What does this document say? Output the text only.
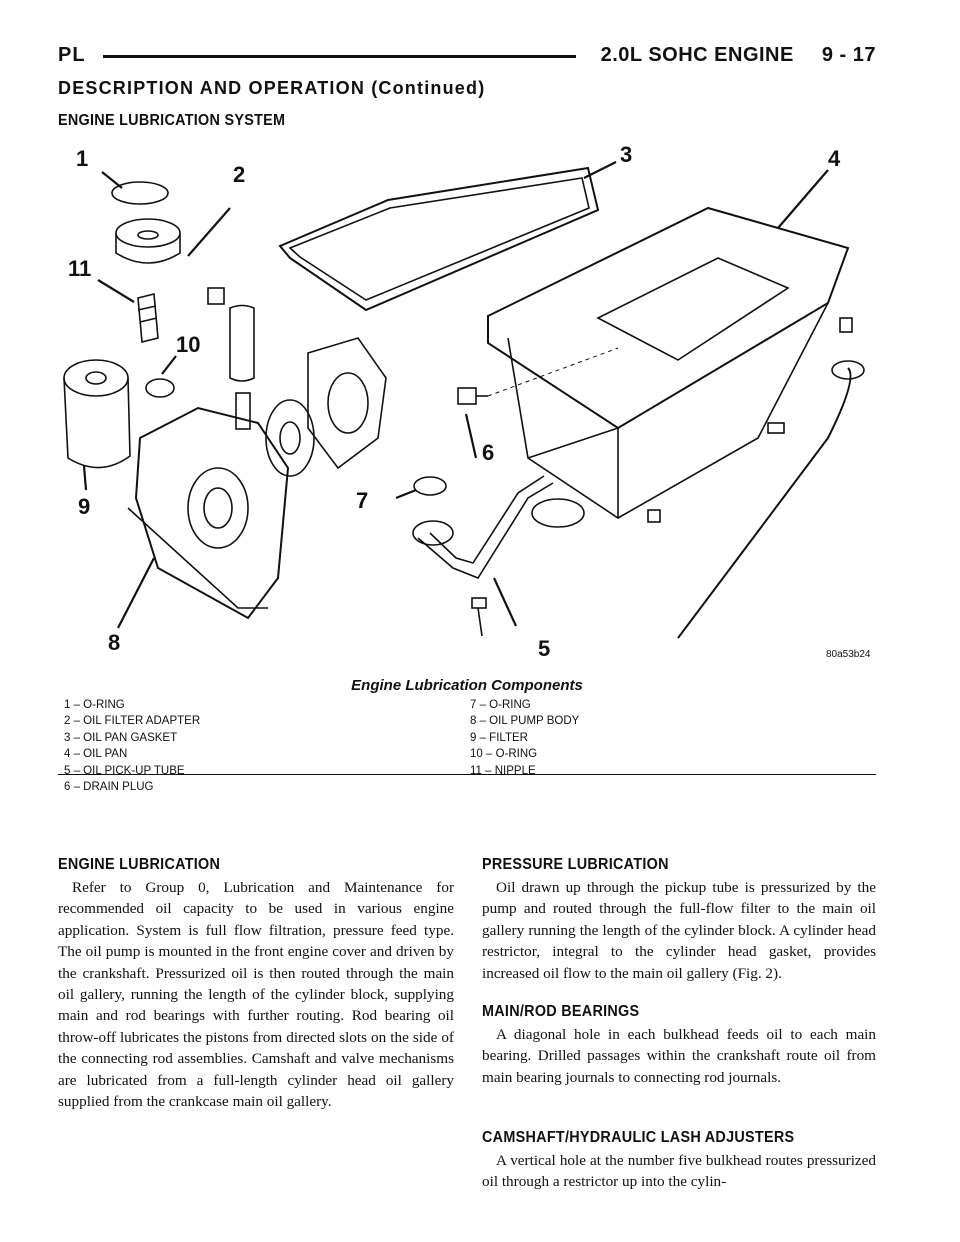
PL	2.0L SOHC ENGINE 9 - 17
DESCRIPTION AND OPERATION (Continued)
ENGINE LUBRICATION SYSTEM
1
2
3	4
5
6
7
8
9
10
11
80a53b24
Engine Lubrication Components
1 – O-RING
2 – OIL FILTER ADAPTER
3 – OIL PAN GASKET
4 – OIL PAN
5 – OIL PICK-UP TUBE
6 – DRAIN PLUG
7 – O-RING
8 – OIL PUMP BODY
9 – FILTER
10 – O-RING
11 – NIPPLE
ENGINE LUBRICATION

Refer to Group 0, Lubrication and Maintenance for recommended oil capacity to be used in various engine application. System is full flow filtration, pressure feed type. The oil pump is mounted in the front engine cover and driven by the crankshaft. Pressurized oil is then routed through the main oil gallery, running the length of the cylinder block, supplying main and rod bearings with further routing. Rod bearing oil throw-off lubricates the pistons from directed slots on the side of the connecting rod assemblies. Camshaft and valve mechanisms are lubricated from a full-length cylinder head oil gallery supplied from the crankcase main oil gallery.

PRESSURE LUBRICATION

Oil drawn up through the pickup tube is pressurized by the pump and routed through the full-flow filter to the main oil gallery running the length of the cylinder block. A cylinder head restrictor, integral to the cylinder head gasket, provides increased oil flow to the main oil gallery (Fig. 2).

MAIN/ROD BEARINGS

A diagonal hole in each bulkhead feeds oil to each main bearing. Drilled passages within the crankshaft route oil from main bearing journals to connecting rod journals.

CAMSHAFT/HYDRAULIC LASH ADJUSTERS

A vertical hole at the number five bulkhead routes pressurized oil through a restrictor up into the cylin-
